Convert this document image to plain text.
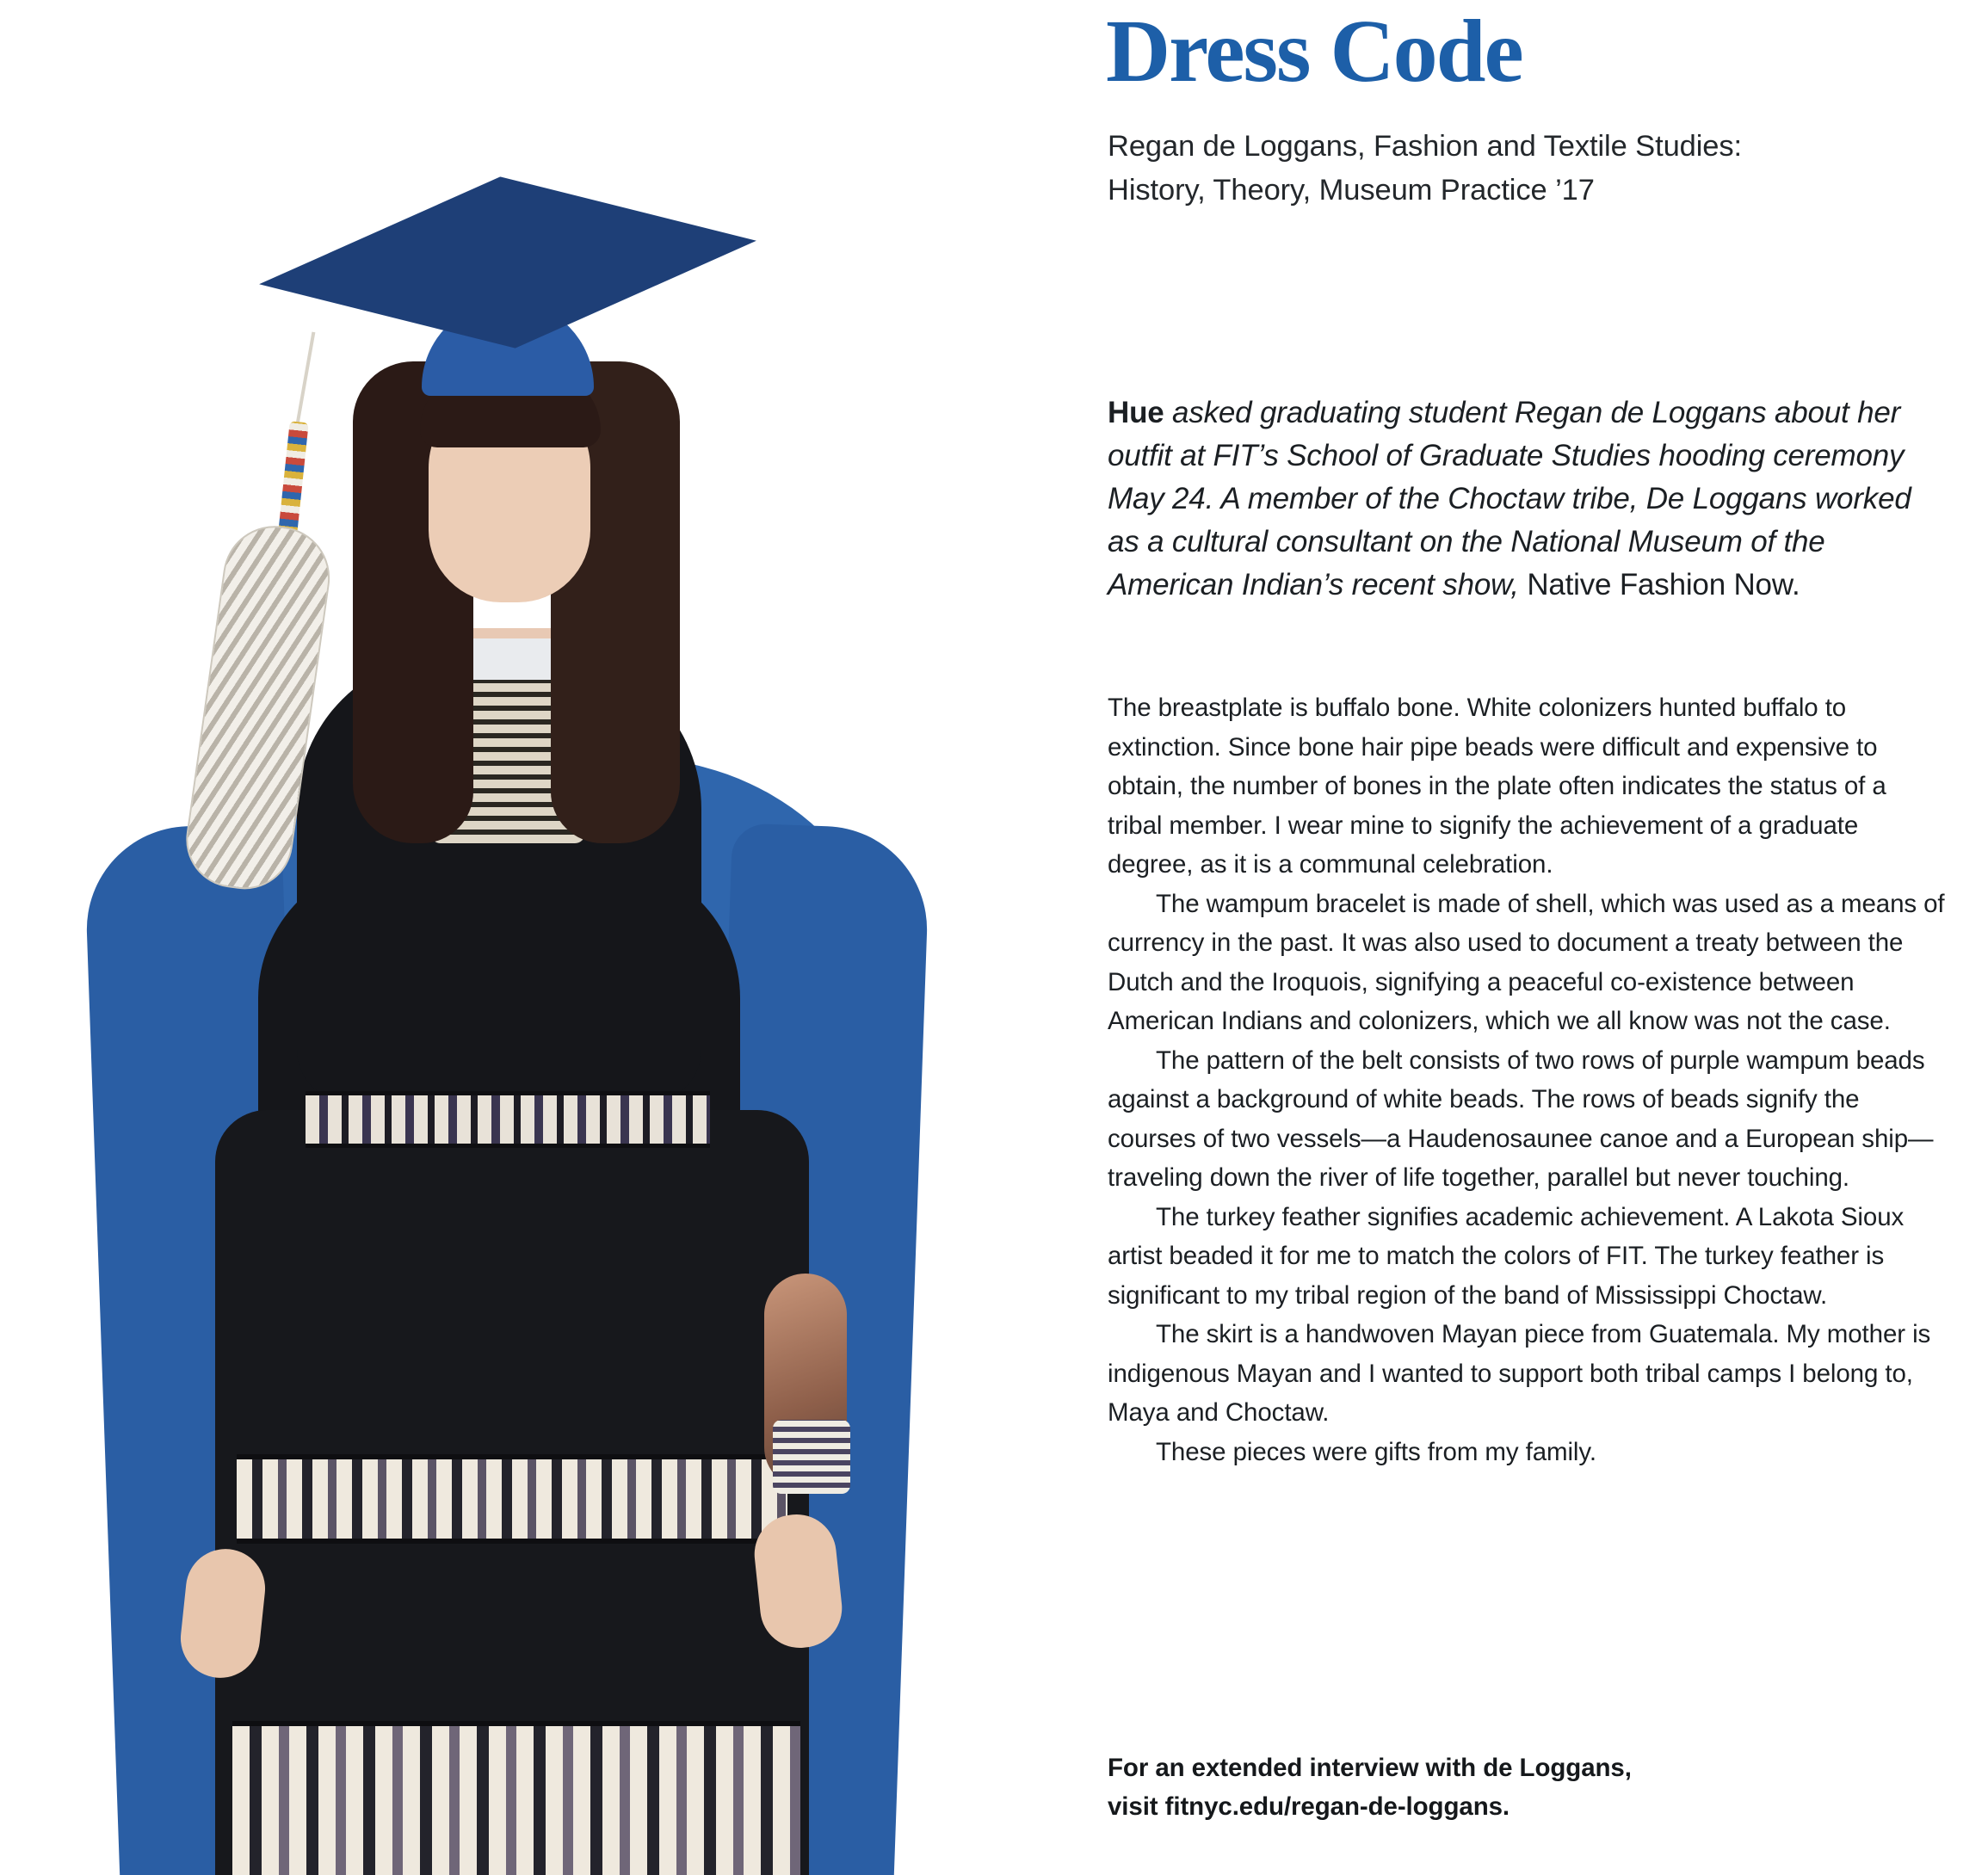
Dress Code
Regan de Loggans, Fashion and Textile Studies:
History, Theory, Museum Practice ’17
Hue asked graduating student Regan de Loggans about her outfit at FIT’s School of Graduate Studies hooding ceremony May 24. A member of the Choctaw tribe, De Loggans worked as a cultural consultant on the National Museum of the American Indian’s recent show, Native Fashion Now.

The breastplate is buffalo bone. White colonizers hunted buffalo to extinction. Since bone hair pipe beads were difficult and expensive to obtain, the number of bones in the plate often indicates the status of a tribal member. I wear mine to signify the achievement of a graduate degree, as it is a communal celebration.

The wampum bracelet is made of shell, which was used as a means of currency in the past. It was also used to document a treaty between the Dutch and the Iroquois, signifying a peaceful co-existence between American Indians and colonizers, which we all know was not the case.

The pattern of the belt consists of two rows of purple wampum beads against a background of white beads. The rows of beads signify the courses of two vessels—a Haudenosaunee canoe and a European ship—traveling down the river of life together, parallel but never touching.

The turkey feather signifies academic achievement. A Lakota Sioux artist beaded it for me to match the colors of FIT. The turkey feather is significant to my tribal region of the band of Mississippi Choctaw.

The skirt is a handwoven Mayan piece from Guatemala. My mother is indigenous Mayan and I wanted to support both tribal camps I belong to, Maya and Choctaw.

These pieces were gifts from my family.

For an extended interview with de Loggans,
visit fitnyc.edu/regan-de-loggans.
